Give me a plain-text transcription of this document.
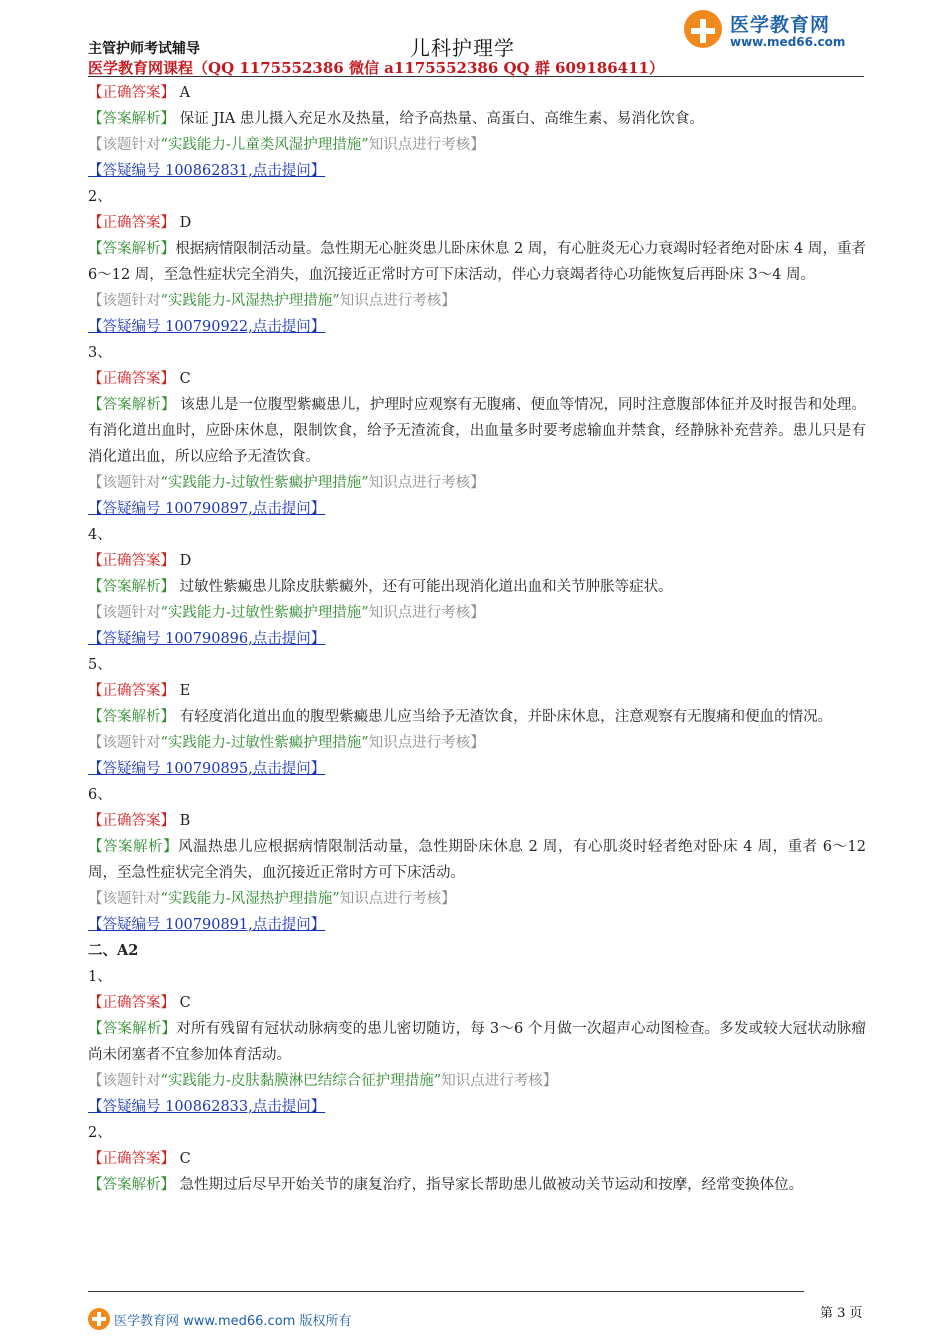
主管护师考试辅导	儿科护理学
医学教育网课程（QQ 1175552386 微信 a1175552386 QQ 群 609186411）
医学教育网
www.med66.com
【正确答案】 A
【答案解析】 保证 JIA 患儿摄入充足水及热量，给予高热量、高蛋白、高维生素、易消化饮食。
【该题针对“实践能力-儿童类风湿护理措施”知识点进行考核】
【答疑编号 100862831,点击提问】
2、
【正确答案】 D
【答案解析】根据病情限制活动量。急性期无心脏炎患儿卧床休息 2 周，有心脏炎无心力衰竭时轻者绝对卧床 4 周，重者 6～12 周，至急性症状完全消失，血沉接近正常时方可下床活动，伴心力衰竭者待心功能恢复后再卧床 3～4 周。
【该题针对“实践能力-风湿热护理措施”知识点进行考核】
【答疑编号 100790922,点击提问】
3、
【正确答案】 C
【答案解析】 该患儿是一位腹型紫癜患儿，护理时应观察有无腹痛、便血等情况，同时注意腹部体征并及时报告和处理。有消化道出血时，应卧床休息，限制饮食，给予无渣流食，出血量多时要考虑输血并禁食，经静脉补充营养。患儿只是有消化道出血，所以应给予无渣饮食。
【该题针对“实践能力-过敏性紫癜护理措施”知识点进行考核】
【答疑编号 100790897,点击提问】
4、
【正确答案】 D
【答案解析】 过敏性紫癜患儿除皮肤紫癜外，还有可能出现消化道出血和关节肿胀等症状。
【该题针对“实践能力-过敏性紫癜护理措施”知识点进行考核】
【答疑编号 100790896,点击提问】
5、
【正确答案】 E
【答案解析】 有轻度消化道出血的腹型紫癜患儿应当给予无渣饮食，并卧床休息，注意观察有无腹痛和便血的情况。
【该题针对“实践能力-过敏性紫癜护理措施”知识点进行考核】
【答疑编号 100790895,点击提问】
6、
【正确答案】 B
【答案解析】风温热患儿应根据病情限制活动量，急性期卧床休息 2 周，有心肌炎时轻者绝对卧床 4 周，重者 6～12 周，至急性症状完全消失，血沉接近正常时方可下床活动。
【该题针对“实践能力-风湿热护理措施”知识点进行考核】
【答疑编号 100790891,点击提问】
二、A2
1、
【正确答案】 C
【答案解析】对所有残留有冠状动脉病变的患儿密切随访，每 3～6 个月做一次超声心动图检查。多发或较大冠状动脉瘤尚未闭塞者不宜参加体育活动。
【该题针对“实践能力-皮肤黏膜淋巴结综合征护理措施”知识点进行考核】
【答疑编号 100862833,点击提问】
2、
【正确答案】 C
【答案解析】 急性期过后尽早开始关节的康复治疗，指导家长帮助患儿做被动关节运动和按摩，经常变换体位。
医学教育网 www.med66.com 版权所有
第 3 页
